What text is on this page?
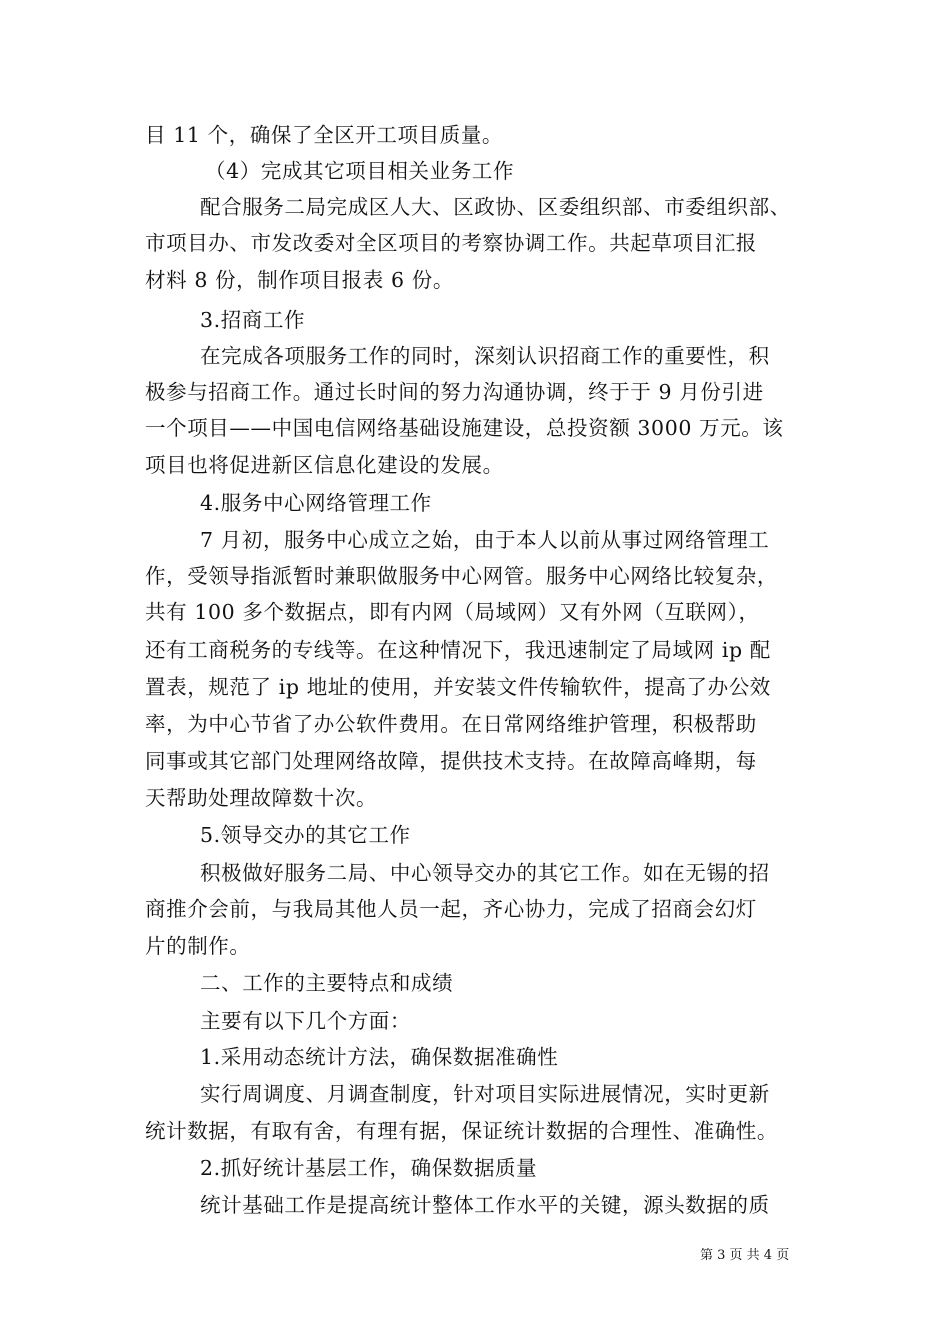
目 11 个，确保了全区开工项目质量。
（4）完成其它项目相关业务工作
配合服务二局完成区人大、区政协、区委组织部、市委组织部、
市项目办、市发改委对全区项目的考察协调工作。共起草项目汇报
材料 8 份，制作项目报表 6 份。
3.招商工作
在完成各项服务工作的同时，深刻认识招商工作的重要性，积
极参与招商工作。通过长时间的努力沟通协调，终于于 9 月份引进
一个项目——中国电信网络基础设施建设，总投资额 3000 万元。该
项目也将促进新区信息化建设的发展。
4.服务中心网络管理工作
7 月初，服务中心成立之始，由于本人以前从事过网络管理工
作，受领导指派暂时兼职做服务中心网管。服务中心网络比较复杂，
共有 100 多个数据点，即有内网（局域网）又有外网（互联网），
还有工商税务的专线等。在这种情况下，我迅速制定了局域网 ip 配
置表，规范了 ip 地址的使用，并安装文件传输软件，提高了办公效
率，为中心节省了办公软件费用。在日常网络维护管理，积极帮助
同事或其它部门处理网络故障，提供技术支持。在故障高峰期，每
天帮助处理故障数十次。
5.领导交办的其它工作
积极做好服务二局、中心领导交办的其它工作。如在无锡的招
商推介会前，与我局其他人员一起，齐心协力，完成了招商会幻灯
片的制作。
二、工作的主要特点和成绩
主要有以下几个方面：
1.采用动态统计方法，确保数据准确性
实行周调度、月调查制度，针对项目实际进展情况，实时更新
统计数据，有取有舍，有理有据，保证统计数据的合理性、准确性。
2.抓好统计基层工作，确保数据质量
统计基础工作是提高统计整体工作水平的关键，源头数据的质
第 3 页 共 4 页
